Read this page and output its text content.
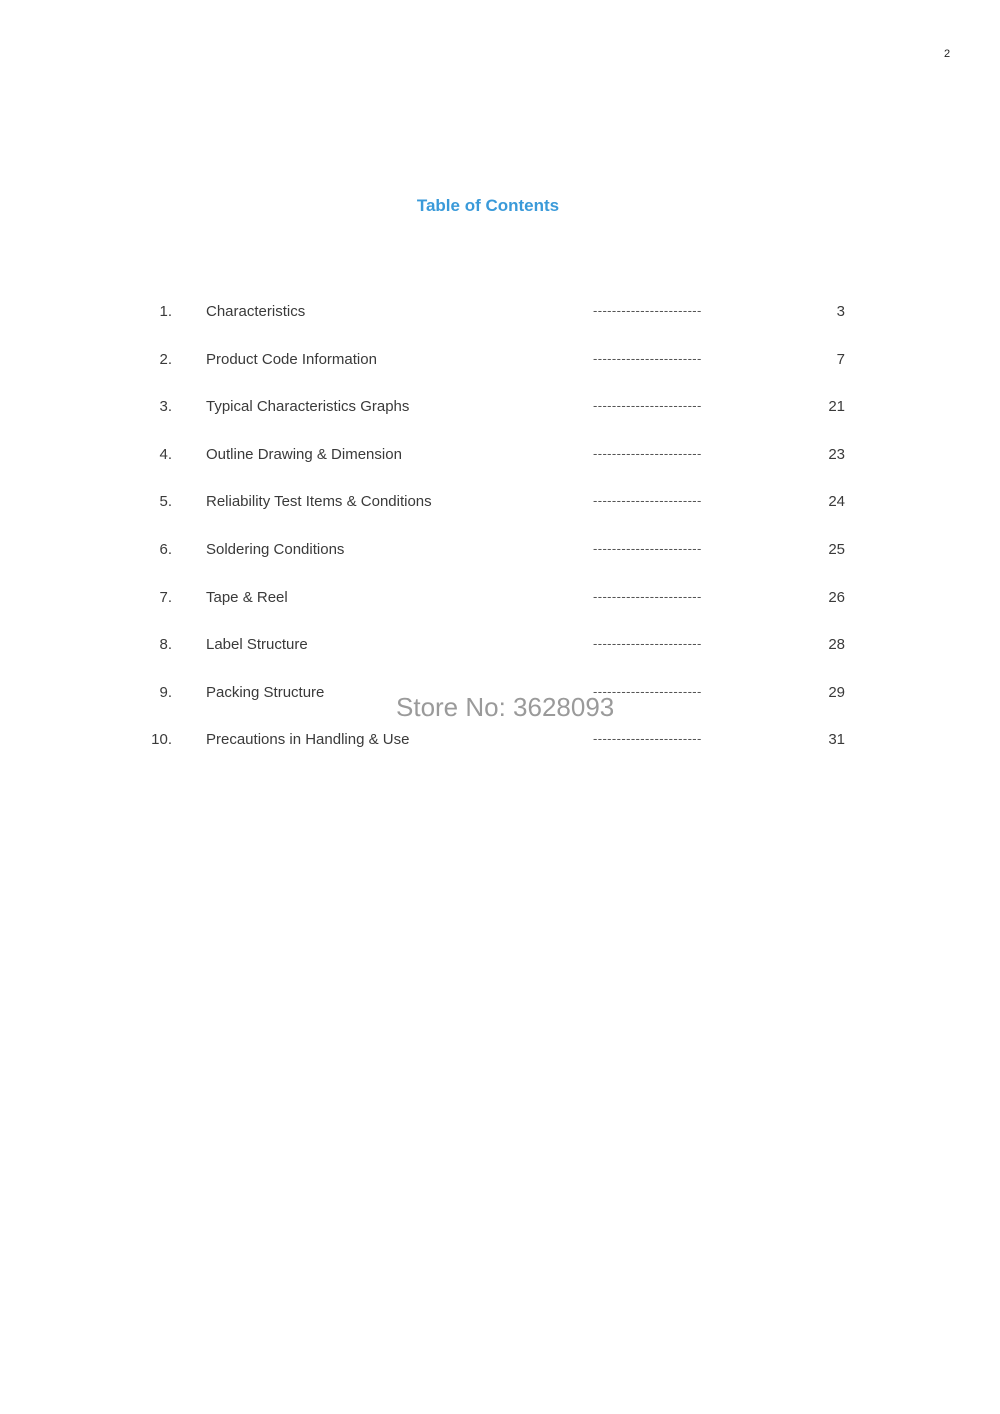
2
Table of Contents
1. Characteristics	-----------------------	3
2. Product Code Information	-----------------------	7
3. Typical Characteristics Graphs	-----------------------	21
4. Outline Drawing & Dimension	-----------------------	23
5. Reliability Test Items & Conditions	-----------------------	24
6. Soldering Conditions	-----------------------	25
7. Tape & Reel	-----------------------	26
8. Label Structure	-----------------------	28
9. Packing Structure	-----------------------	29
10. Precautions in Handling & Use	-----------------------	31
Store No: 3628093
